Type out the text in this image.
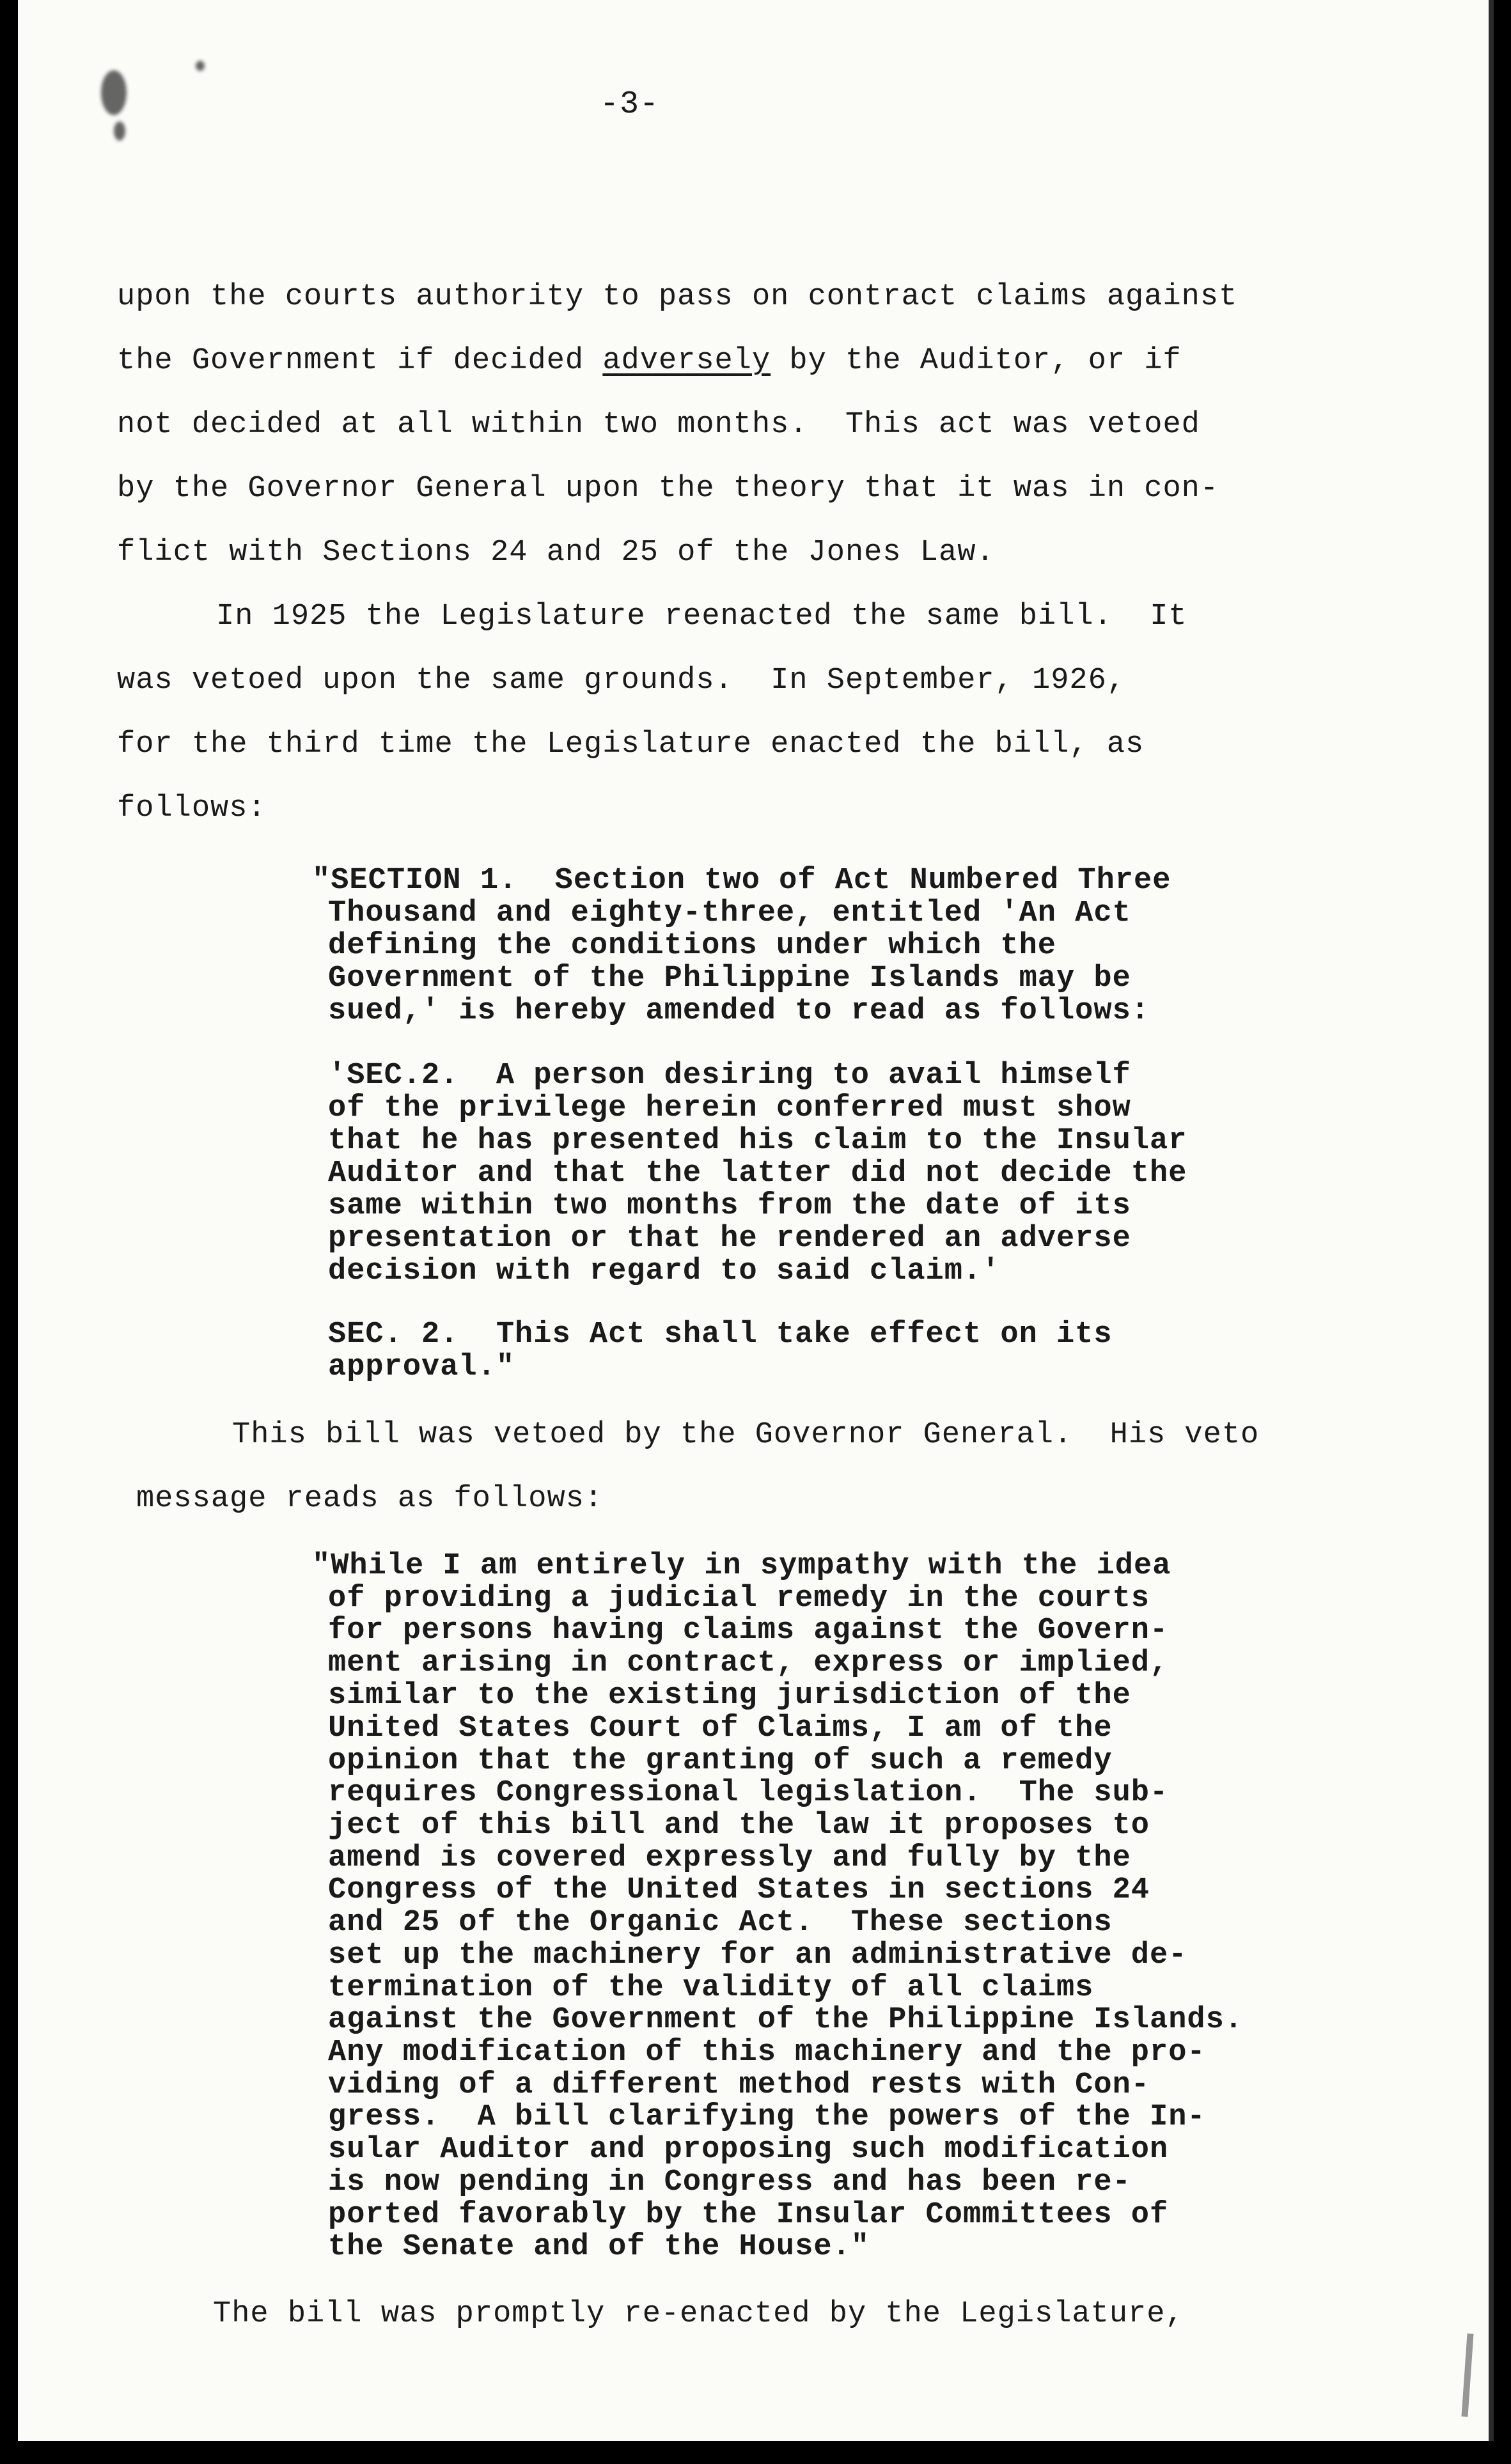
-3-
upon the courts authority to pass on contract claims against
the Government if decided adversely by the Auditor, or if
not decided at all within two months.  This act was vetoed
by the Governor General upon the theory that it was in con-
flict with Sections 24 and 25 of the Jones Law.
In 1925 the Legislature reenacted the same bill.  It
was vetoed upon the same grounds.  In September, 1926,
for the third time the Legislature enacted the bill, as
follows:
"SECTION 1.  Section two of Act Numbered Three
Thousand and eighty-three, entitled 'An Act
defining the conditions under which the
Government of the Philippine Islands may be
sued,' is hereby amended to read as follows:
'SEC.2.  A person desiring to avail himself
of the privilege herein conferred must show
that he has presented his claim to the Insular
Auditor and that the latter did not decide the
same within two months from the date of its
presentation or that he rendered an adverse
decision with regard to said claim.'
SEC. 2.  This Act shall take effect on its
approval."
This bill was vetoed by the Governor General.  His veto
message reads as follows:
"While I am entirely in sympathy with the idea
of providing a judicial remedy in the courts
for persons having claims against the Govern-
ment arising in contract, express or implied,
similar to the existing jurisdiction of the
United States Court of Claims, I am of the
opinion that the granting of such a remedy
requires Congressional legislation.  The sub-
ject of this bill and the law it proposes to
amend is covered expressly and fully by the
Congress of the United States in sections 24
and 25 of the Organic Act.  These sections
set up the machinery for an administrative de-
termination of the validity of all claims
against the Government of the Philippine Islands.
Any modification of this machinery and the pro-
viding of a different method rests with Con-
gress.  A bill clarifying the powers of the In-
sular Auditor and proposing such modification
is now pending in Congress and has been re-
ported favorably by the Insular Committees of
the Senate and of the House."
The bill was promptly re-enacted by the Legislature,
